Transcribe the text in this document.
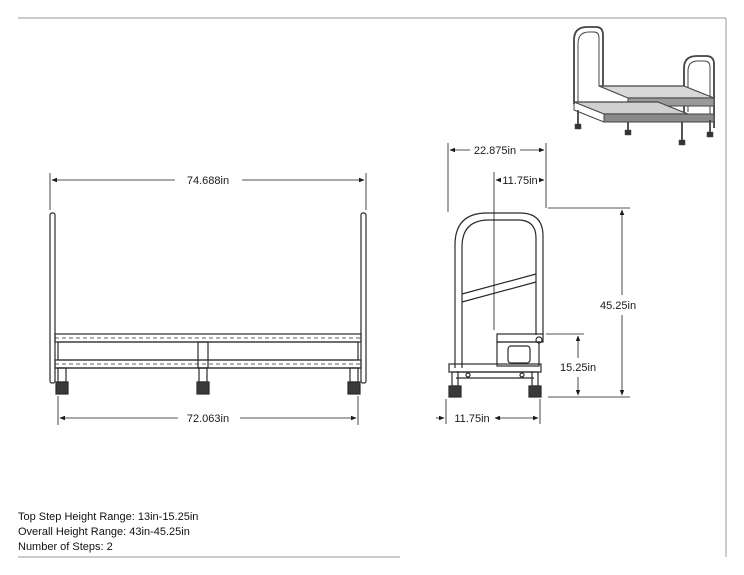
74.688in
72.063in
22.875in
11.75in
45.25in
15.25in
11.75in
Top Step Height Range: 13in-15.25in
Overall Height Range: 43in-45.25in
Number of Steps: 2
